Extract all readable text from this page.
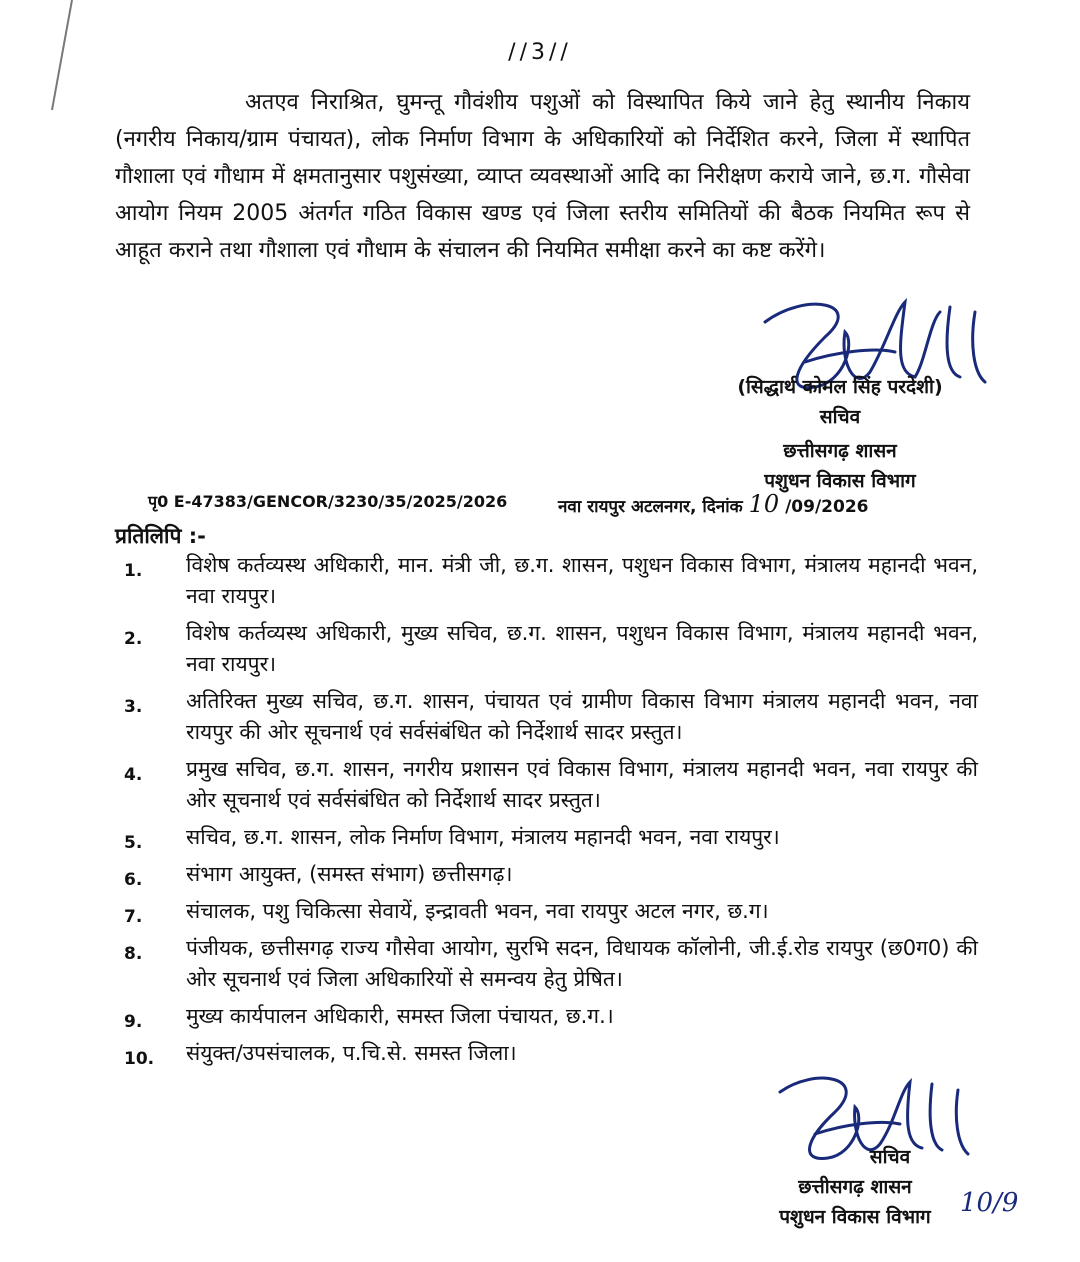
//3//
अतएव निराश्रित, घुमन्तू गौवंशीय पशुओं को विस्थापित किये जाने हेतु स्थानीय निकाय (नगरीय निकाय/ग्राम पंचायत), लोक निर्माण विभाग के अधिकारियों को निर्देशित करने, जिला में स्थापित गौशाला एवं गौधाम में क्षमतानुसार पशुसंख्या, व्याप्त व्यवस्थाओं आदि का निरीक्षण कराये जाने, छ.ग. गौसेवा आयोग नियम 2005 अंतर्गत गठित विकास खण्ड एवं जिला स्तरीय समितियों की बैठक नियमित रूप से आहूत कराने तथा गौशाला एवं गौधाम के संचालन की नियमित समीक्षा करने का कष्ट करेंगे।
(सिद्धार्थ कोमल सिंह परदेशी)
सचिव
छत्तीसगढ़ शासन
पशुधन विकास विभाग
पृ0 E-47383/GENCOR/3230/35/2025/2026	नवा रायपुर अटलनगर, दिनांक 10 /09/2026
प्रतिलिपि :-
1. विशेष कर्तव्यस्थ अधिकारी, मान. मंत्री जी, छ.ग. शासन, पशुधन विकास विभाग, मंत्रालय महानदी भवन, नवा रायपुर।
2. विशेष कर्तव्यस्थ अधिकारी, मुख्य सचिव, छ.ग. शासन, पशुधन विकास विभाग, मंत्रालय महानदी भवन, नवा रायपुर।
3. अतिरिक्त मुख्य सचिव, छ.ग. शासन, पंचायत एवं ग्रामीण विकास विभाग मंत्रालय महानदी भवन, नवा रायपुर की ओर सूचनार्थ एवं सर्वसंबंधित को निर्देशार्थ सादर प्रस्तुत।
4. प्रमुख सचिव, छ.ग. शासन, नगरीय प्रशासन एवं विकास विभाग, मंत्रालय महानदी भवन, नवा रायपुर की ओर सूचनार्थ एवं सर्वसंबंधित को निर्देशार्थ सादर प्रस्तुत।
5. सचिव, छ.ग. शासन, लोक निर्माण विभाग, मंत्रालय महानदी भवन, नवा रायपुर।
6. संभाग आयुक्त, (समस्त संभाग) छत्तीसगढ़।
7. संचालक, पशु चिकित्सा सेवायें, इन्द्रावती भवन, नवा रायपुर अटल नगर, छ.ग।
8. पंजीयक, छत्तीसगढ़ राज्य गौसेवा आयोग, सुरभि सदन, विधायक कॉलोनी, जी.ई.रोड रायपुर (छ0ग0) की ओर सूचनार्थ एवं जिला अधिकारियों से समन्वय हेतु प्रेषित।
9. मुख्य कार्यपालन अधिकारी, समस्त जिला पंचायत, छ.ग.।
10. संयुक्त/उपसंचालक, प.चि.से. समस्त जिला।
सचिव
छत्तीसगढ़ शासन
पशुधन विकास विभाग	10/9
